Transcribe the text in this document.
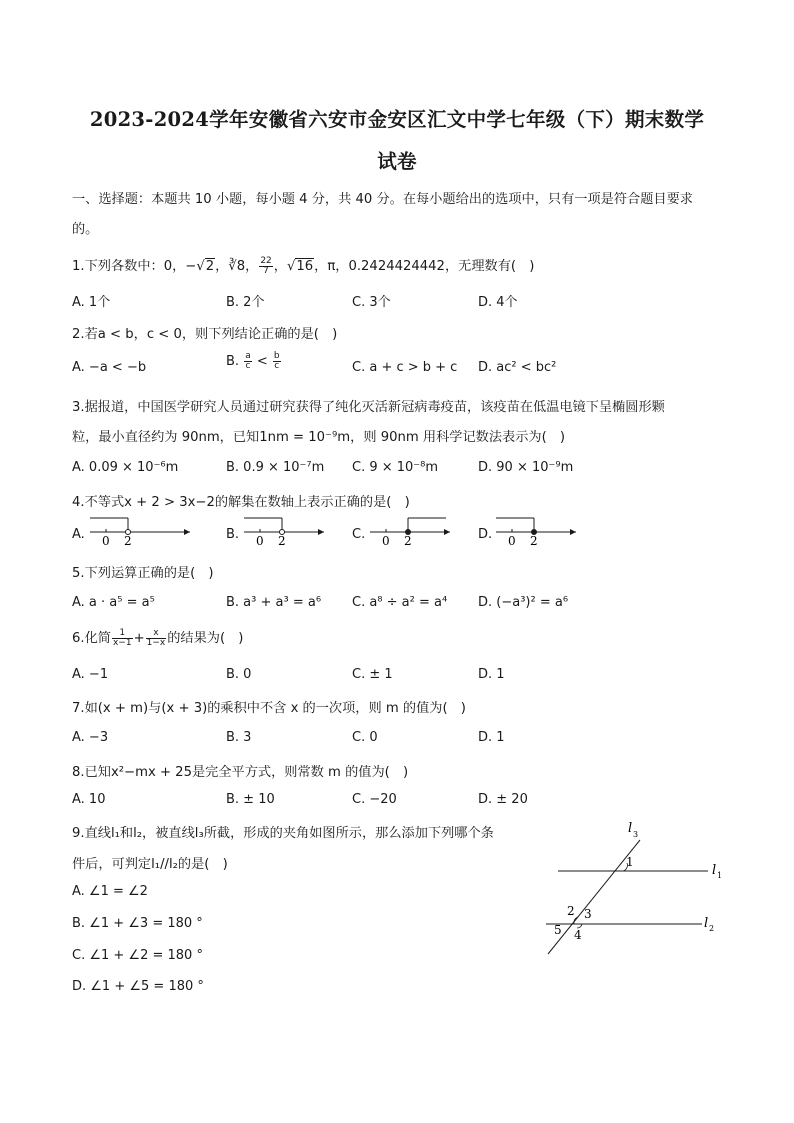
2023-2024学年安徽省六安市金安区汇文中学七年级（下）期末数学
试卷
一、选择题：本题共 10 小题，每小题 4 分，共 40 分。在每小题给出的选项中，只有一项是符合题目要求
的。
1.下列各数中：0，−√2，∛8， $\frac{22}{7}$ ，√16，π，0.2424424442，无理数有(　)
A. 1个	B. 2个	C. 3个	D. 4个
2.若a < b，c < 0，则下列结论正确的是(　)
A. −a < −b	B. $\frac{a}{c} < \frac{b}{c}$	C. a + c > b + c D. ac² < bc²
3.据报道，中国医学研究人员通过研究获得了纯化灭活新冠病毒疫苗，该疫苗在低温电镜下呈椭圆形颗
粒，最小直径约为 90nm，已知1nm = 10⁻⁹m，则 90nm 用科学记数法表示为(　)
A. 0.09 × 10⁻⁶m	B. 0.9 × 10⁻⁷m C. 9 × 10⁻⁸m	D. 90 × 10⁻⁹m
4.不等式x + 2 > 3x−2的解集在数轴上表示正确的是(　)
A. 0 2	B. 0 2	C. 0 2	D. 0 2
5.下列运算正确的是(　)
A. a · a⁵ = a⁵	B. a³ + a³ = a⁶ C. a⁸ ÷ a² = a⁴ D. (−a³)² = a⁶
6.化简 $\frac{1}{x-1} + \frac{x}{1-x}$ 的结果为(　)
A. −1	B. 0	C. ± 1	D. 1
7.如(x + m)与(x + 3)的乘积中不含 x 的一次项，则 m 的值为(　)
A. −3	B. 3	C. 0	D. 1
8.已知x²−mx + 25是完全平方式，则常数 m 的值为(　)
A. 10	B. ± 10	C. −20	D. ± 20
9.直线l₁和l₂，被直线l₃所截，形成的夹角如图所示，那么添加下列哪个条
件后，可判定l₁//l₂的是(　)
A. ∠1 = ∠2
B. ∠1 + ∠3 = 180 °
C. ∠1 + ∠2 = 180 °
D. ∠1 + ∠5 = 180 °
l 3
l 1
l 2
1
2 3
4
5
